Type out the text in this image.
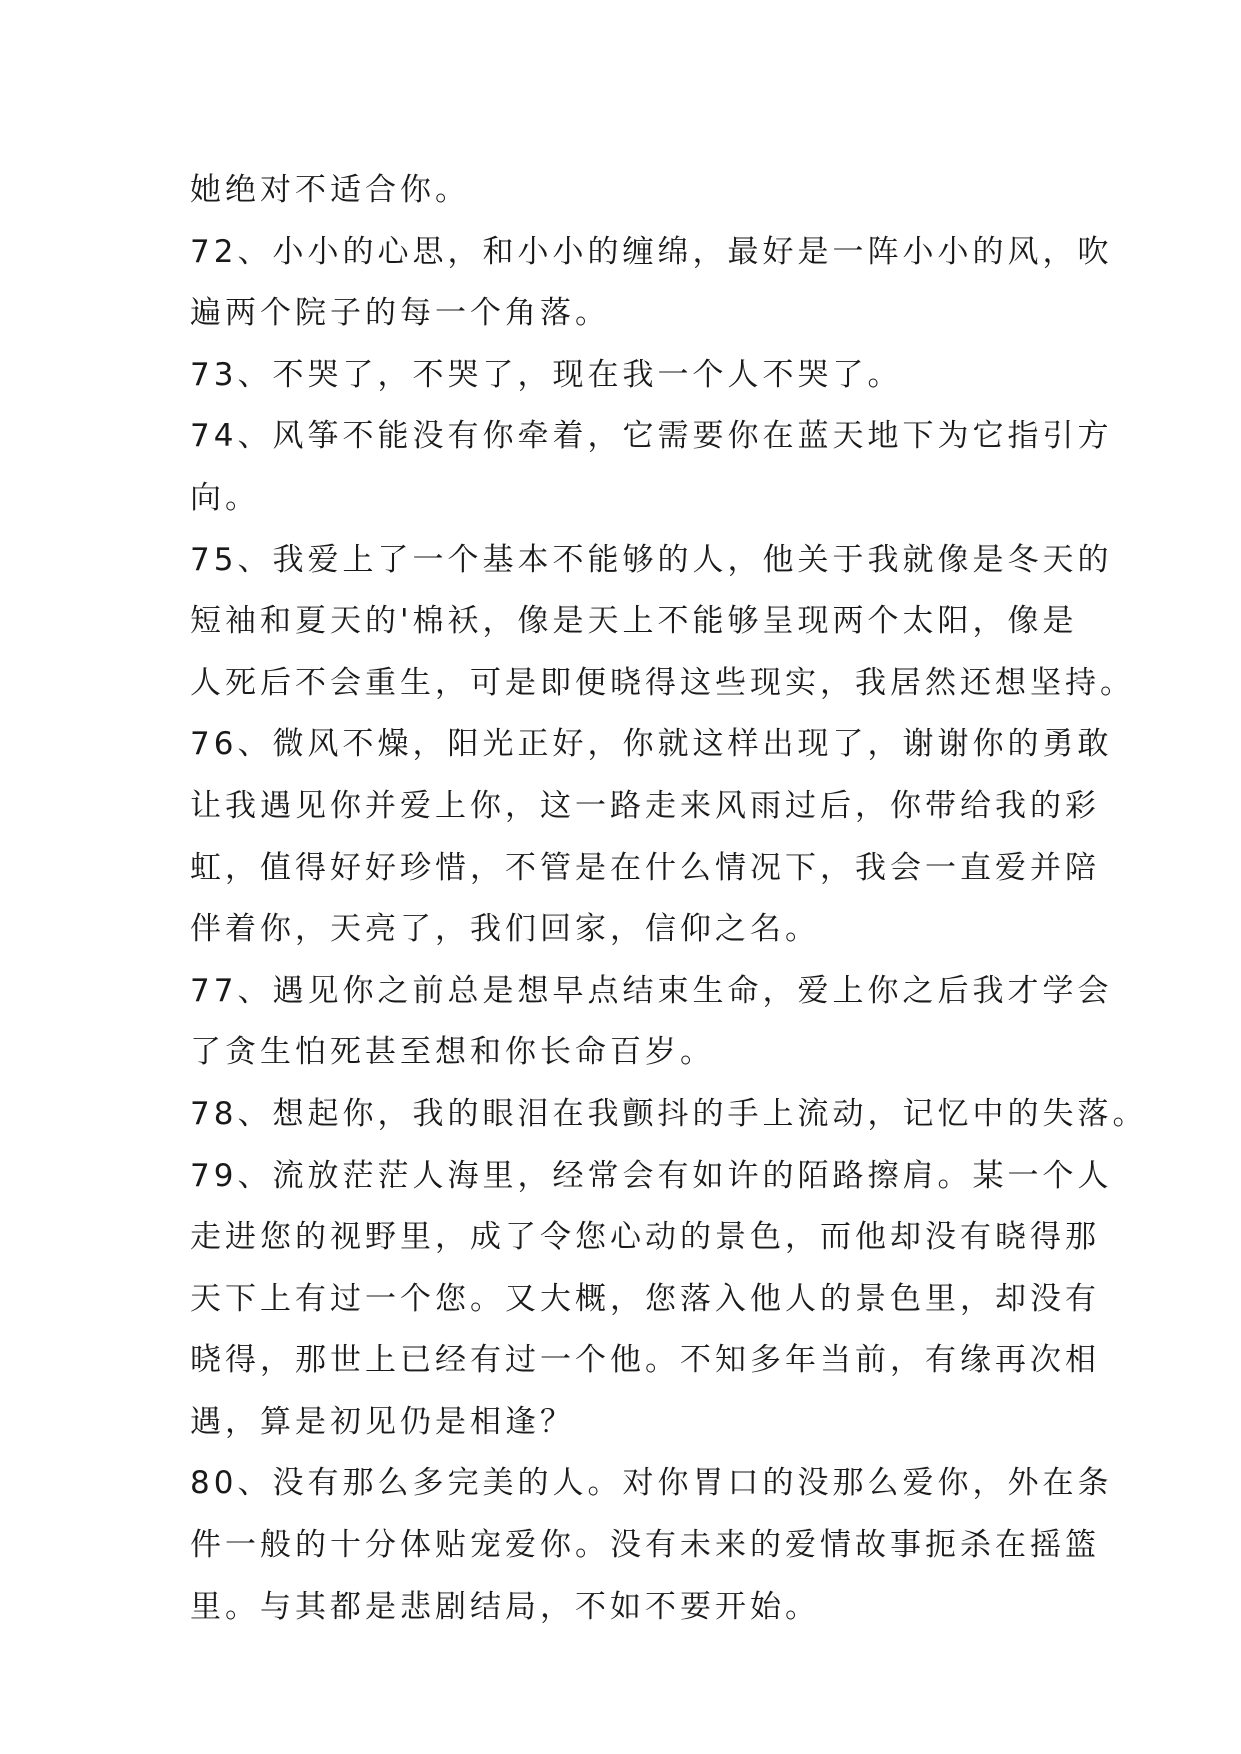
她绝对不适合你。
72、小小的心思，和小小的缠绵，最好是一阵小小的风，吹
遍两个院子的每一个角落。
73、不哭了，不哭了，现在我一个人不哭了。
74、风筝不能没有你牵着，它需要你在蓝天地下为它指引方
向。
75、我爱上了一个基本不能够的人，他关于我就像是冬天的
短袖和夏天的'棉袄，像是天上不能够呈现两个太阳，像是
人死后不会重生，可是即便晓得这些现实，我居然还想坚持。
76、微风不燥，阳光正好，你就这样出现了，谢谢你的勇敢
让我遇见你并爱上你，这一路走来风雨过后，你带给我的彩
虹，值得好好珍惜，不管是在什么情况下，我会一直爱并陪
伴着你，天亮了，我们回家，信仰之名。
77、遇见你之前总是想早点结束生命，爱上你之后我才学会
了贪生怕死甚至想和你长命百岁。
78、想起你，我的眼泪在我颤抖的手上流动，记忆中的失落。
79、流放茫茫人海里，经常会有如许的陌路擦肩。某一个人
走进您的视野里，成了令您心动的景色，而他却没有晓得那
天下上有过一个您。又大概，您落入他人的景色里，却没有
晓得，那世上已经有过一个他。不知多年当前，有缘再次相
遇，算是初见仍是相逢？
80、没有那么多完美的人。对你胃口的没那么爱你，外在条
件一般的十分体贴宠爱你。没有未来的爱情故事扼杀在摇篮
里。与其都是悲剧结局，不如不要开始。
